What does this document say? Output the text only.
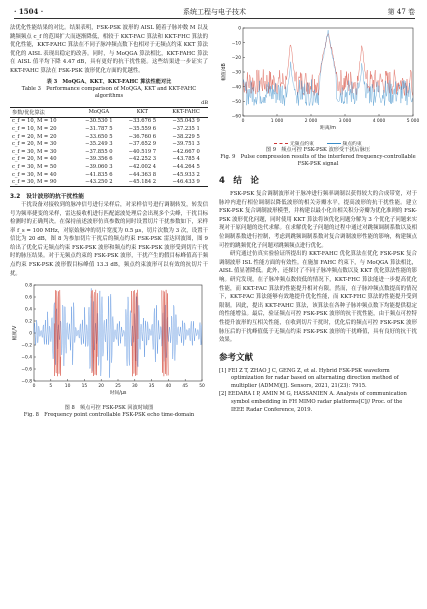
· 1504 ·	系统工程与电子技术	第 47 卷

法优化性能结果的对比。结果表明，FSK-PSK 波形的 AISL 随着子脉冲数 M 以及跳频频点 c_f 的范围扩大而逐渐降低，相较于 KKT-FAC 算法和 KKT-FHC 算法的优化性能，KKT-FAHC 算法在不同子脉冲频点数下也相对于无频点约束 KKT 算法优化的 AISL 表现出稳定的改善。同时，与 MoQGA 算法相比，KKT-FAHC 算法在 AISL 值平均下降 4.47 dB，具有更好的抗干扰性能。这些结果进一步证实了 KKT-FAHC 算法在 FSK-PSK 波形优化方面的优越性。

表 3　MoQGA、KKT、KKT-FAHC 算法性能对比
Table 3　Performance comparison of MoQGA, KKT and KKT-FAHC algorithms
dB
参数/优化算法	MoQGA	KKT	KKT-FAHC
c_f = 10, M = 10	−30.530 1	−33.676 5	−35.043 9
c_f = 10, M = 20	−31.787 5	−35.559 6	−37.235 1
c_f = 20, M = 20	−33.650 5	−36.760 6	−38.229 5
c_f = 20, M = 30	−35.249 3	−37.652 9	−39.751 3
c_f = 30, M = 30	−37.855 0	−40.519 7	−42.667 0
c_f = 20, M = 40	−39.356 6	−42.252 3	−43.785 4
c_f = 30, M = 50	−39.060 3	−42.002 4	−44.264 5
c_f = 30, M = 40	−41.835 6	−44.363 8	−45.933 2
c_f = 30, M = 90	−43.250 2	−45.184 2	−46.433 9
3.2　设计波形的抗干扰性能

干扰设备对接收到的脉冲信号进行采样后，对采样信号进行调制转发，转发信号为频率捷变的采样，雷达接收机进行匹配滤波处理后会出现多个尖峰，干扰目标检测时的正确判决。在保持前述波形仿真参数的同时设置切片干扰参数如下，采样率 f_s = 100 MHz，对原始脉冲的切片宽度为 0.5 μs，切片次数为 3 次，设置干信比为 20 dB，图 8 为参加切片干扰后的频点约束 FSK-PSK 雷达回波图，图 9 给出了优化后无频点约束 FSK-PSK 波形和频点约束 FSK-PSK 波形受到切片干扰时的脉压结果。对于无频点约束的 FSK-PSK 波形，干扰产生的假目标峰值高于频点约束 FSK-PSK 波形假目标峰值 13.3 dB，频点约束波形可以有效的抗切片干扰。

0.8
0.6
0.4
0.2
0
−0.2
−0.4
−0.6
−0.8
0	5	10	15	20	25	30	35	40	45	50
时间/μs
幅度/V
图 8　频点可控 FSK-PSK 回波时域图
Fig. 8　Frequency point controllable FSK-PSK echo time-domain
0
−10
−20
−30
−40
−50
−60
0	1 000	2 000	3 000	4 000	5 000
距离/m
幅值/dB
无频点约束	频点约束
图 9　频点可控 FSK-PSK 波形受干扰后脉压
Fig. 9　Pulse compression results of the interfered frequency-controllable FSK-PSK signal
4　结　论

FSK-PSK 复合调制波形对于脉冲进行频率调制以获得较大的合成带宽，对于脉冲内进行相位调制以降低波形的相关旁瓣水平，提高波形的抗干扰性能。建立 FSK-PSK 复合调制波形模型，并构建以最小化自相关积分旁瓣为优化准则的 FSK-PSK 波形优化问题，同时使用 KKT 算法将该优化问题分解为 3 个优化子问题来实现对于原问题的迭代求解。在求解优化子问题的过程中通过对跳频调制系数以及相位调制系数进行控制，考虑到跳频调制系数对复合调制波形性能的影响，构建频点可控的跳频优化子问题对跳频频点进行优化。

研究通过仿真实验验证所提出的 KKT-FAHC 优化算法在优化 FSK-PSK 复合调制波形 ISL 性能方面的有效性。在施加 FAHC 约束下，与 MoQGA 算法相比，AISL 值显著降低。此外，还探讨了不同子脉冲频点数以及 KKT 优化算法性能的影响。研究发现，在子脉冲频点数较低的情况下，KKT-FHC 算法能进一步提高优化性能，而 KKT-FAC 算法的性能提升相对有限。然而，在子脉冲频点数提高的情况下，KKT-FAC 算法能够有效地提升优化性能，而 KKT-FHC 算法的性能提升受到限制。因此，提出 KKT-FAHC 算法，该算法在各种子脉冲频点数下均能提供稳定的性能增益。最后，验证频点可控 FSK-PSK 波形的抗干扰性能，由于频点可控特性提升波形的互相关性能，在收到切片干扰时，优化后的频点可控 FSK-PSK 波形脉压后的干扰峰值低于无频点约束 FSK-PSK 波形的干扰峰值，具有良好的抗干扰效果。

参考文献

[1] FEI Z T, ZHAO J C, GENG Z, et al. Hybrid FSK-PSK waveform optimization for radar based on alternating direction method of multiplier (ADMM)[J]. Sensors, 2021, 21(23): 7915.

[2] EEDARA I P, AMIN M G, HASSANIEN A. Analysis of communication symbol embedding in FH MIMO radar platforms[C]// Proc. of the IEEE Radar Conference, 2019.
